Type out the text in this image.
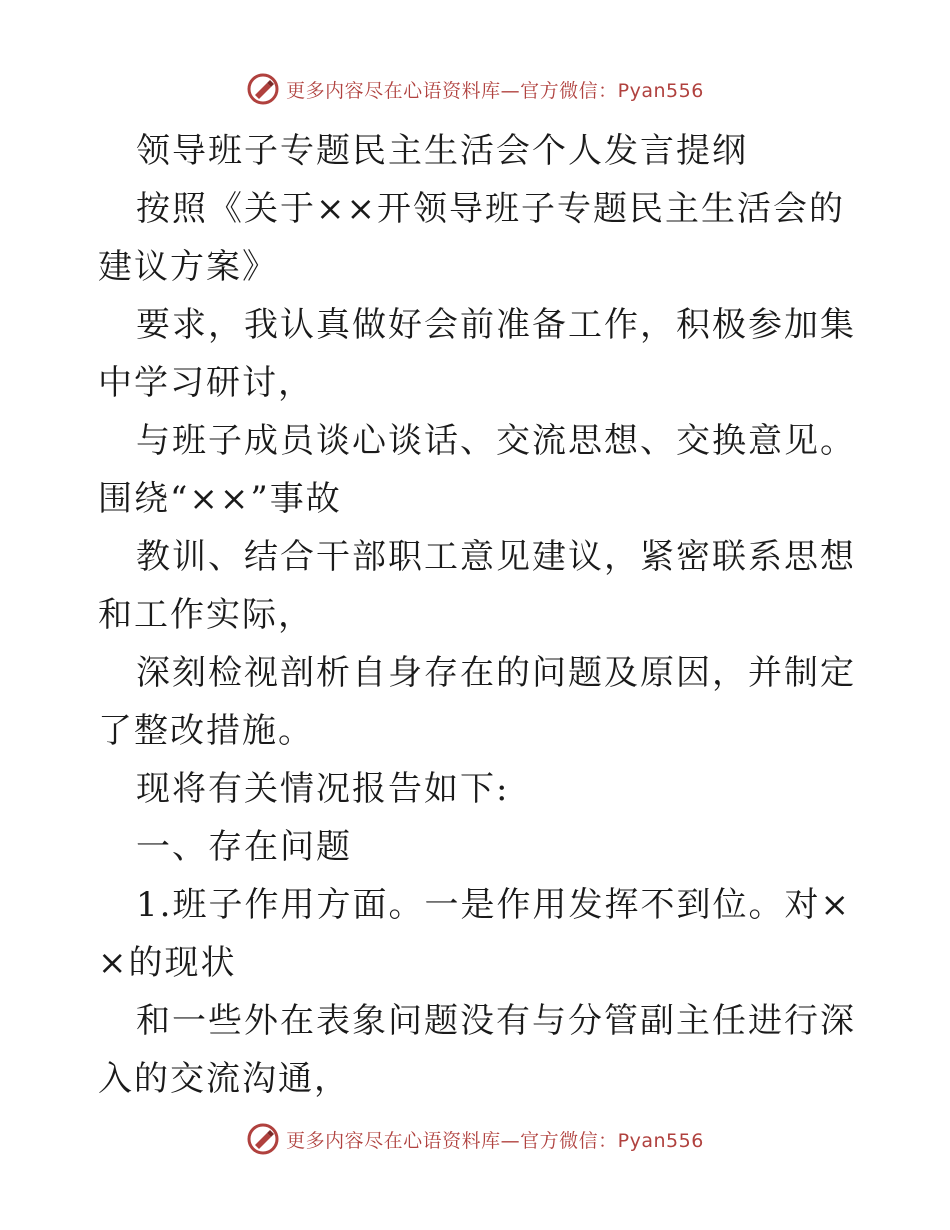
更多内容尽在心语资料库—官方微信：Pyan556

领导班子专题民主生活会个人发言提纲

按照《关于××开领导班子专题民主生活会的建议方案》

要求，我认真做好会前准备工作，积极参加集中学习研讨，

与班子成员谈心谈话、交流思想、交换意见。围绕“××”事故

教训、结合干部职工意见建议，紧密联系思想和工作实际，

深刻检视剖析自身存在的问题及原因，并制定了整改措施。

现将有关情况报告如下:

一、存在问题

1.班子作用方面。一是作用发挥不到位。对××的现状

和一些外在表象问题没有与分管副主任进行深入的交流沟通，

更多内容尽在心语资料库—官方微信：Pyan556
